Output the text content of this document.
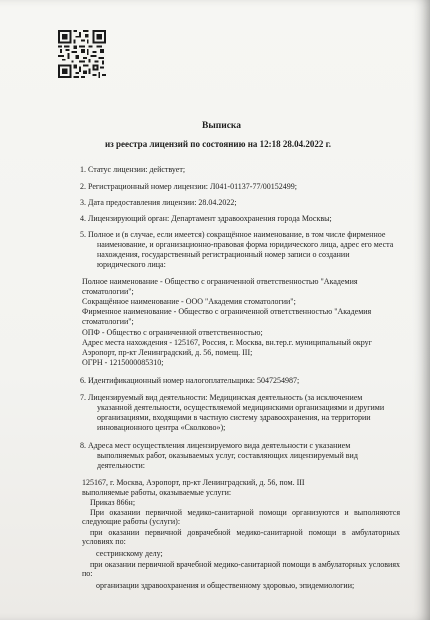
Выписка
из реестра лицензий по состоянию на 12:18 28.04.2022 г.
1. Статус лицензии: действует;
2. Регистрационный номер лицензии: Л041-01137-77/00152499;
3. Дата предоставления лицензии: 28.04.2022;
4. Лицензирующий орган: Департамент здравоохранения города Москвы;
5. Полное и (в случае, если имеется) сокращённое наименование, в том числе фирменное
наименование, и организационно-правовая форма юридического лица, адрес его места
нахождения, государственный регистрационный номер записи о создании
юридического лица:
Полное наименование - Общество с ограниченной ответственностью "Академия
стоматологии";
Сокращённое наименование - ООО "Академия стоматологии";
Фирменное наименование - Общество с ограниченной ответственностью "Академия
стоматологии";
ОПФ - Общество с ограниченной ответственностью;
Адрес места нахождения - 125167, Россия, г. Москва, вн.тер.г. муниципальный округ
Аэропорт, пр-кт Ленинградский, д. 56, помещ. III;
ОГРН - 1215000085310;
6. Идентификационный номер налогоплательщика: 5047254987;
7. Лицензируемый вид деятельности: Медицинская деятельность (за исключением
указанной деятельности, осуществляемой медицинскими организациями и другими
организациями, входящими в частную систему здравоохранения, на территории
инновационного центра «Сколково»);
8. Адреса мест осуществления лицензируемого вида деятельности с указанием
выполняемых работ, оказываемых услуг, составляющих лицензируемый вид
деятельности:
125167, г. Москва, Аэропорт, пр-кт Ленинградский, д. 56, пом. III
выполняемые работы, оказываемые услуги:
Приказ 866н;
При оказании первичной медико-санитарной помощи организуются и выполняются следующие работы (услуги):
при оказании первичной доврачебной медико-санитарной помощи в амбулаторных условиях по:
сестринскому делу;
при оказании первичной врачебной медико-санитарной помощи в амбулаторных условиях по:
организации здравоохранения и общественному здоровью, эпидемиологии;
